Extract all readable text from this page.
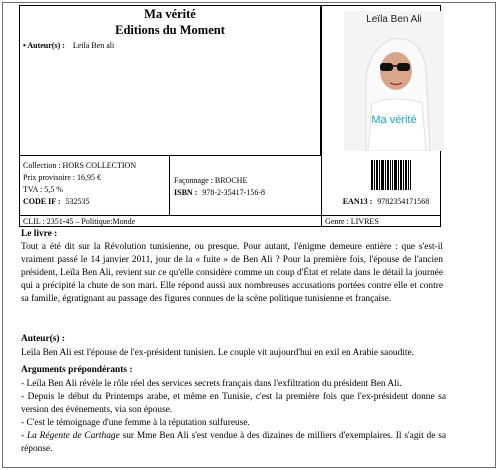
Ma vérité
Editions du Moment
• Auteur(s) : Leila Ben ali
Leïla Ben Ali
Ma vérité
EAN13 : 9782354171568
Collection : HORS COLLECTION
Prix provisoire : 16,95 €
TVA : 5,5 %
CODE IF : 532535
Façonnage : BROCHE
ISBN : 978-2-35417-156-8
CLIL : 2351-45 – Politique:Monde	Genre : LIVRES
Le livre :
Tout a été dit sur la Révolution tunisienne, ou presque. Pour autant, l'énigme demeure entière : que s'est-il vraiment passé le 14 janvier 2011, jour de la « fuite » de Ben Ali ? Pour la première fois, l'épouse de l'ancien président, Leïla Ben Ali, revient sur ce qu'elle considère comme un coup d'État et relate dans le détail la journée qui a précipité la chute de son mari. Elle répond aussi aux nombreuses accusations portées contre elle et contre sa famille, égratignant au passage des figures connues de la scène politique tunisienne et française.
Auteur(s) :
Leïla Ben Ali est l'épouse de l'ex-président tunisien. Le couple vit aujourd'hui en exil en Arabie saoudite.
Arguments prépondérants :
- Leïla Ben Ali révèle le rôle réel des services secrets français dans l'exfiltration du président Ben Ali.
- Depuis le début du Printemps arabe, et même en Tunisie, c'est la première fois que l'ex-président donne sa version des événements, via son épouse.
- C'est le témoignage d'une femme à la réputation sulfureuse.
- La Régente de Carthage sur Mme Ben Ali s'est vendue à des dizaines de milliers d'exemplaires. Il s'agit de sa réponse.
